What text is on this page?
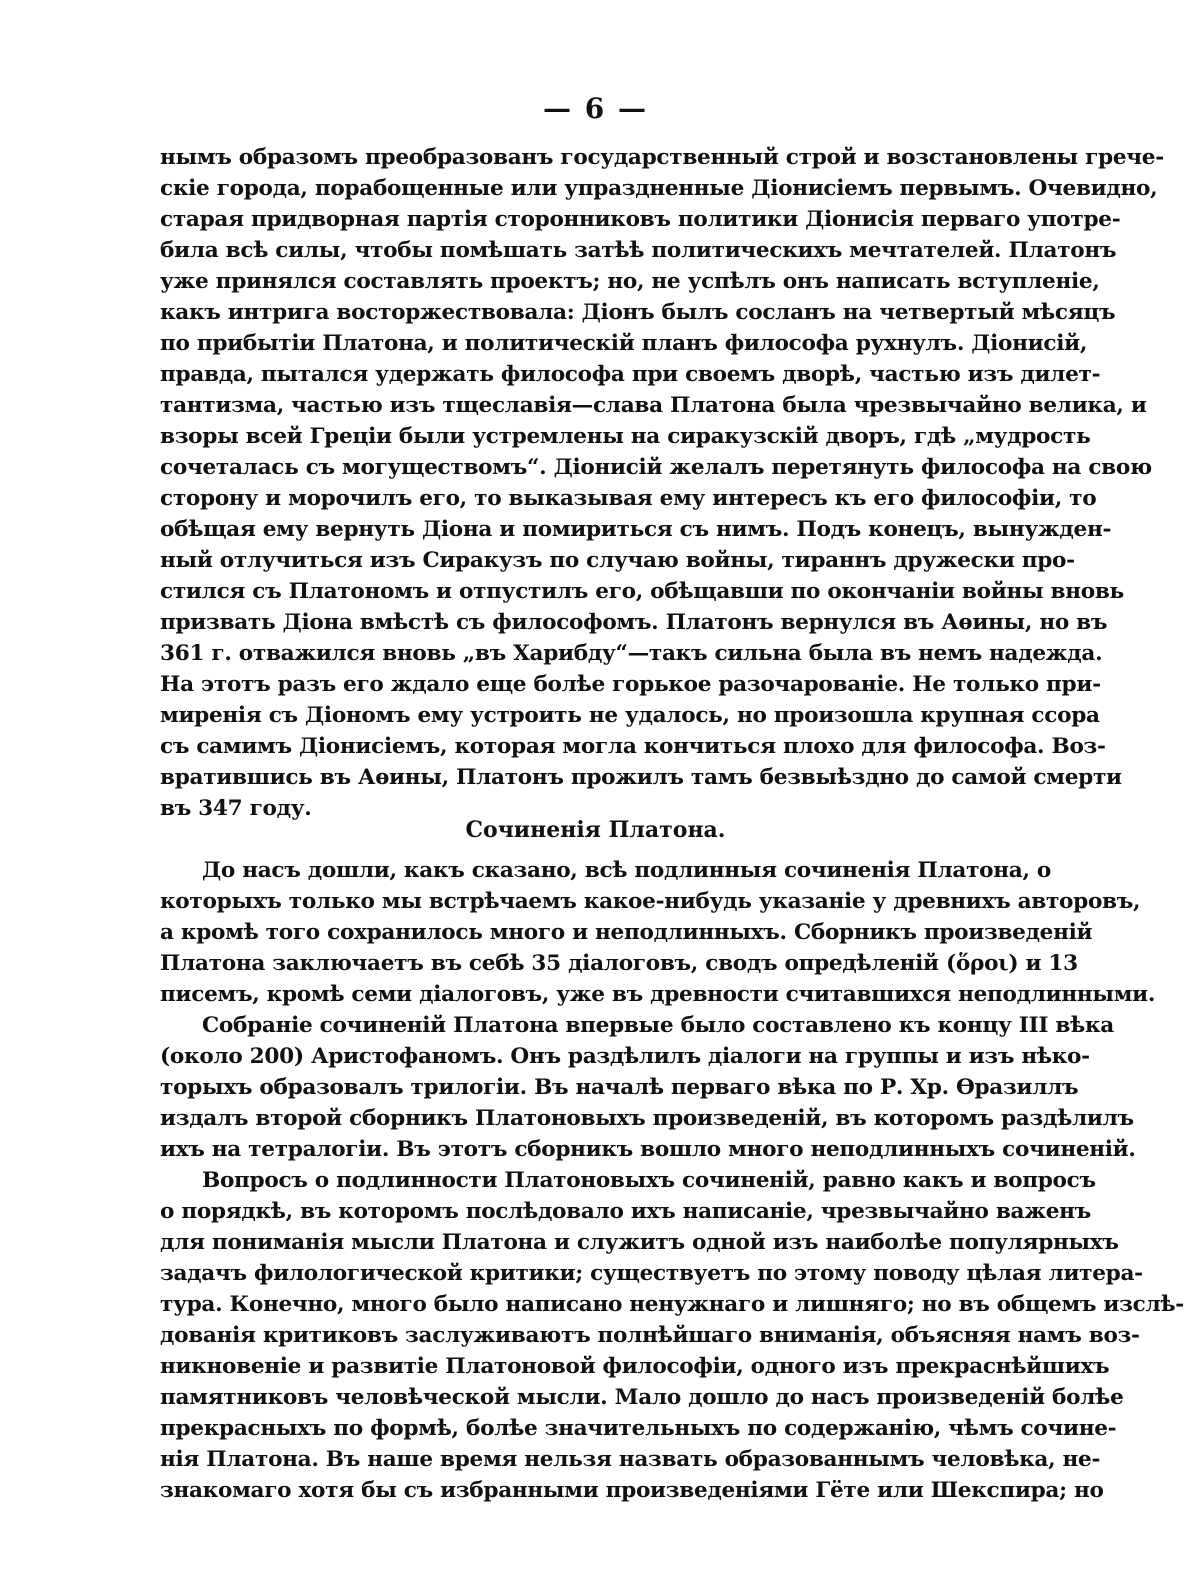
— 6 —
нымъ образомъ преобразованъ государственный строй и возстановлены грече-
скіе города, порабощенные или упраздненные Діонисіемъ первымъ. Очевидно,
старая придворная партія сторонниковъ политики Діонисія перваго употре-
била всѣ силы, чтобы помѣшать затѣѣ политическихъ мечтателей. Платонъ
уже принялся составлять проектъ; но, не успѣлъ онъ написать вступленіе,
какъ интрига восторжествовала: Діонъ былъ сосланъ на четвертый мѣсяцъ
по прибытіи Платона, и политическій планъ философа рухнулъ. Діонисій,
правда, пытался удержать философа при своемъ дворѣ, частью изъ дилет-
тантизма, частью изъ тщеславія—слава Платона была чрезвычайно велика, и
взоры всей Греціи были устремлены на сиракузскій дворъ, гдѣ „мудрость
сочеталась съ могуществомъ“. Діонисій желалъ перетянуть философа на свою
сторону и морочилъ его, то выказывая ему интересъ къ его философіи, то
обѣщая ему вернуть Діона и помириться съ нимъ. Подъ конецъ, вынужден-
ный отлучиться изъ Сиракузъ по случаю войны, тираннъ дружески про-
стился съ Платономъ и отпустилъ его, обѣщавши по окончаніи войны вновь
призвать Діона вмѣстѣ съ философомъ. Платонъ вернулся въ Аѳины, но въ
361 г. отважился вновь „въ Харибду“—такъ сильна была въ немъ надежда.
На этотъ разъ его ждало еще болѣе горькое разочарованіе. Не только при-
миренія съ Діономъ ему устроить не удалось, но произошла крупная ссора
съ самимъ Діонисіемъ, которая могла кончиться плохо для философа. Воз-
вратившись въ Аѳины, Платонъ прожилъ тамъ безвыѣздно до самой смерти
въ 347 году.
Сочиненія Платона.
До насъ дошли, какъ сказано, всѣ подлинныя сочиненія Платона, о
которыхъ только мы встрѣчаемъ какое-нибудь указаніе у древнихъ авторовъ,
а кромѣ того сохранилось много и неподлинныхъ. Сборникъ произведеній
Платона заключаетъ въ себѣ 35 діалоговъ, сводъ опредѣленій (ὅροι) и 13
писемъ, кромѣ семи діалоговъ, уже въ древности считавшихся неподлинными.
Собраніе сочиненій Платона впервые было составлено къ концу III вѣка
(около 200) Аристофаномъ. Онъ раздѣлилъ діалоги на группы и изъ нѣко-
торыхъ образовалъ трилогіи. Въ началѣ перваго вѣка по Р. Хр. Ѳразиллъ
издалъ второй сборникъ Платоновыхъ произведеній, въ которомъ раздѣлилъ
ихъ на тетралогіи. Въ этотъ сборникъ вошло много неподлинныхъ сочиненій.
Вопросъ о подлинности Платоновыхъ сочиненій, равно какъ и вопросъ
о порядкѣ, въ которомъ послѣдовало ихъ написаніе, чрезвычайно важенъ
для пониманія мысли Платона и служитъ одной изъ наиболѣе популярныхъ
задачъ филологической критики; существуетъ по этому поводу цѣлая литера-
тура. Конечно, много было написано ненужнаго и лишняго; но въ общемъ изслѣ-
дованія критиковъ заслуживаютъ полнѣйшаго вниманія, объясняя намъ воз-
никновеніе и развитіе Платоновой философіи, одного изъ прекраснѣйшихъ
памятниковъ человѣческой мысли. Мало дошло до насъ произведеній болѣе
прекрасныхъ по формѣ, болѣе значительныхъ по содержанію, чѣмъ сочине-
нія Платона. Въ наше время нельзя назвать образованнымъ человѣка, не-
знакомаго хотя бы съ избранными произведеніями Гёте или Шекспира; но
